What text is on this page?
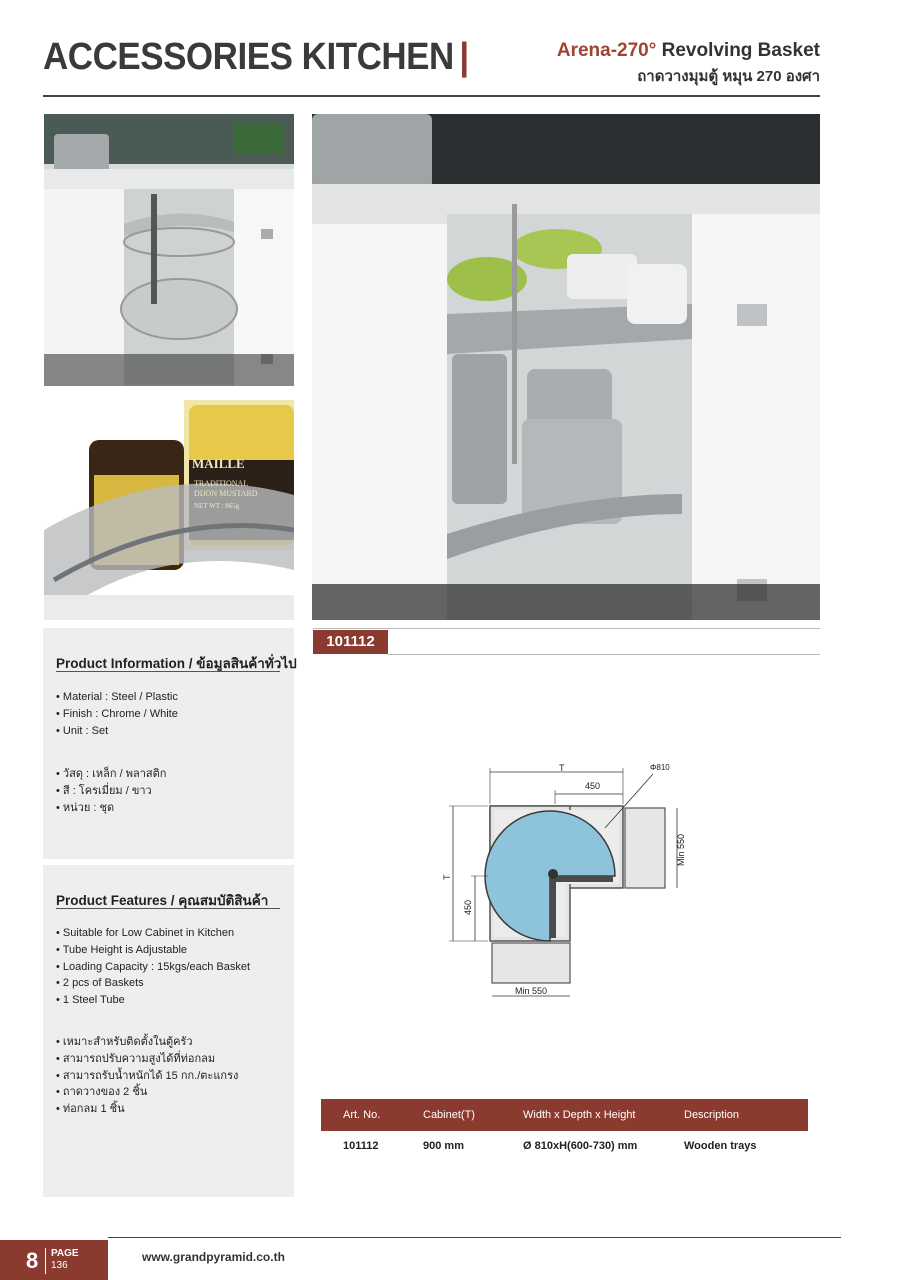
ACCESSORIES KITCHEN |	Arena-270° Revolving Basket
ถาดวางมุมตู้ หมุน 270 องศา
MAILLE
TRADITIONAL
DIJON MUSTARD
NET WT : 865g
Product Information / ข้อมูลสินค้าทั่วไป
• Material : Steel / Plastic
• Finish : Chrome / White
• Unit : Set
• วัสดุ : เหล็ก / พลาสติก
• สี : โครเมี่ยม / ขาว
• หน่วย : ชุด
Product Features / คุณสมบัติสินค้า
• Suitable for Low Cabinet in Kitchen
• Tube Height is Adjustable
• Loading Capacity : 15kgs/each Basket
• 2 pcs of Baskets
• 1 Steel Tube
• เหมาะสำหรับติดตั้งในตู้ครัว
• สามารถปรับความสูงได้ที่ท่อกลม
• สามารถรับน้ำหนักได้ 15 กก./ตะแกรง
• ถาดวางของ 2 ชิ้น
• ท่อกลม 1 ชิ้น
101112
T	Φ810
450
Min 550
T
450
Min 550
Art. No.	Cabinet(T)	Width x Depth x Height	Description
101112	900 mm	Ø 810xH(600-730) mm	Wooden trays
8 PAGE
136
www.grandpyramid.co.th
